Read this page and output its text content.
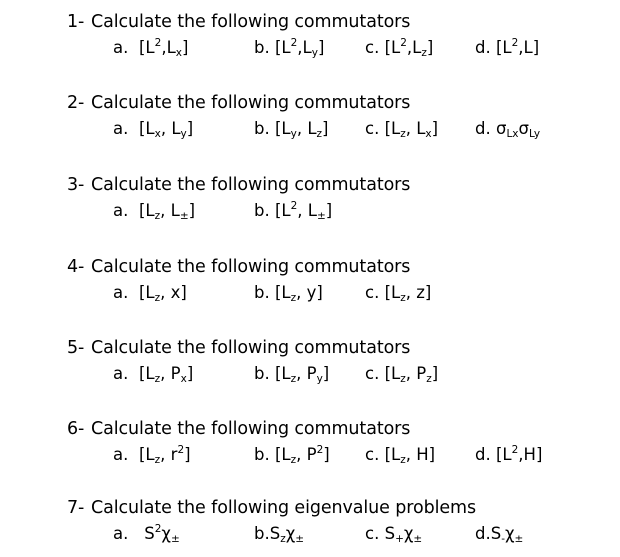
1- Calculate the following commutators
a. $[L^2,L_x]$	b. $[L^2,L_y]$ c. $[L^2,L_z]$	d. $[L^2,L]$
2- Calculate the following commutators
a. [$L_x$, $L_y$]	b. [$L_y$, $L_z$] c. [$L_z$, $L_x$] d. $\sigma_{Lx}\sigma_{Ly}$
3- Calculate the following commutators
a. [$L_z$, $L_\pm$]	b. [$L^2$, $L_\pm$]
4- Calculate the following commutators
a. [$L_z$, x]	b. [$L_z$, y]	c. [$L_z$, z]
5- Calculate the following commutators
a. [$L_z$, $P_x$]	b. [$L_z$, $P_y$] c. [$L_z$, $P_z$]
6- Calculate the following commutators
a. [$L_z$, $r^2$]	b. [$L_z$, $P^2$] c. [$L_z$, H] d. $[L^2,H]$
7- Calculate the following eigenvalue problems
a. $S^2\chi_\pm$	$b.S_z\chi_\pm$	c. $S_+\chi_\pm$	$d.S_-\chi_\pm$
